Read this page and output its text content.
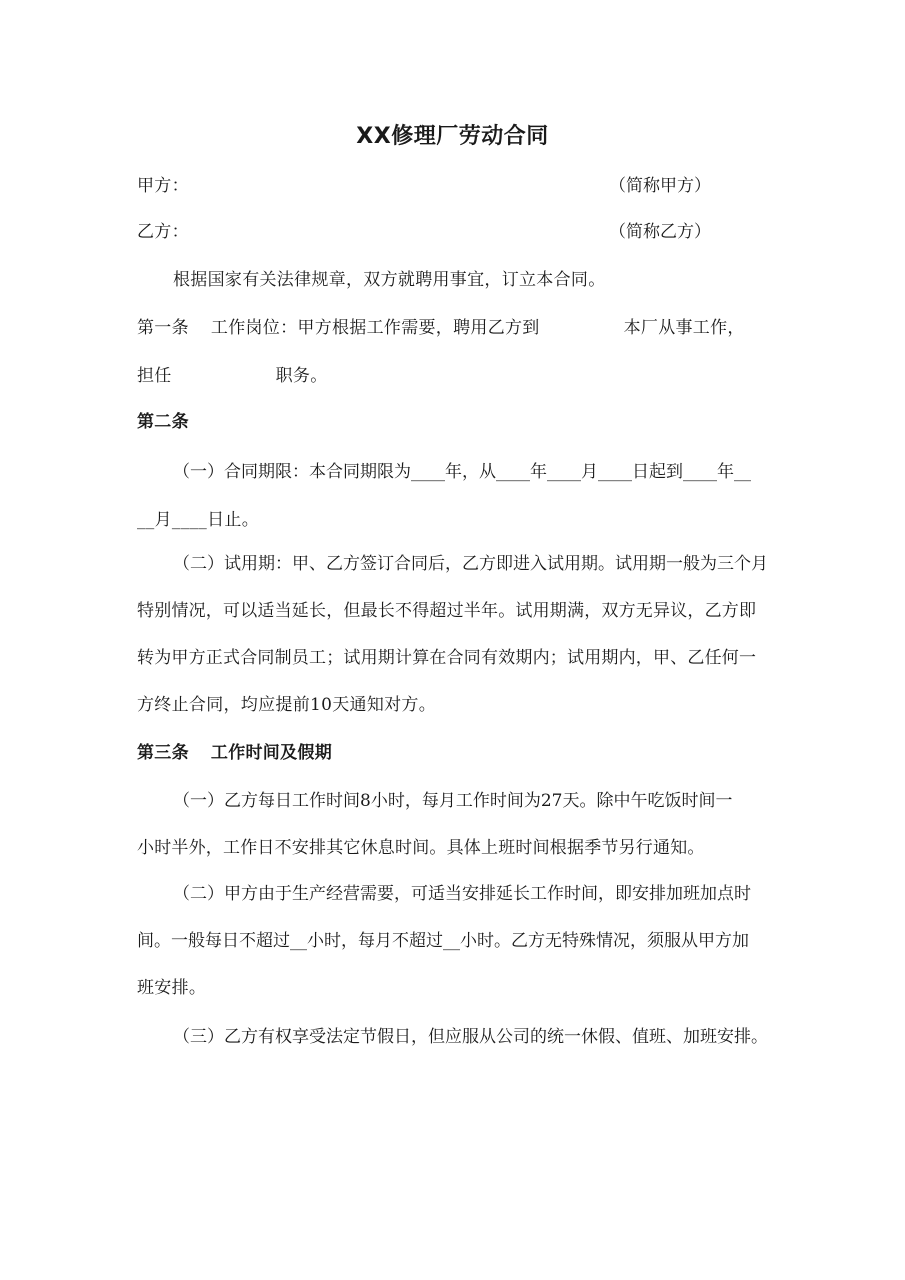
XX修理厂劳动合同
甲方：	（简称甲方）
乙方：	（简称乙方）
根据国家有关法律规章，双方就聘用事宜，订立本合同。
第一条 工作岗位：甲方根据工作需要，聘用乙方到	本厂从事工作，
担任	职务。
第二条
（一）合同期限：本合同期限为____年，从____年____月____日起到____年__
__月____日止。
（二）试用期：甲、乙方签订合同后，乙方即进入试用期。试用期一般为三个月
特别情况，可以适当延长，但最长不得超过半年。试用期满，双方无异议，乙方即
转为甲方正式合同制员工；试用期计算在合同有效期内；试用期内，甲、乙任何一
方终止合同，均应提前10天通知对方。
第三条 工作时间及假期
（一）乙方每日工作时间8小时，每月工作时间为27天。除中午吃饭时间一
小时半外，工作日不安排其它休息时间。具体上班时间根据季节另行通知。
（二）甲方由于生产经营需要，可适当安排延长工作时间，即安排加班加点时
间。一般每日不超过__小时，每月不超过__小时。乙方无特殊情况，须服从甲方加
班安排。
（三）乙方有权享受法定节假日，但应服从公司的统一休假、值班、加班安排。
